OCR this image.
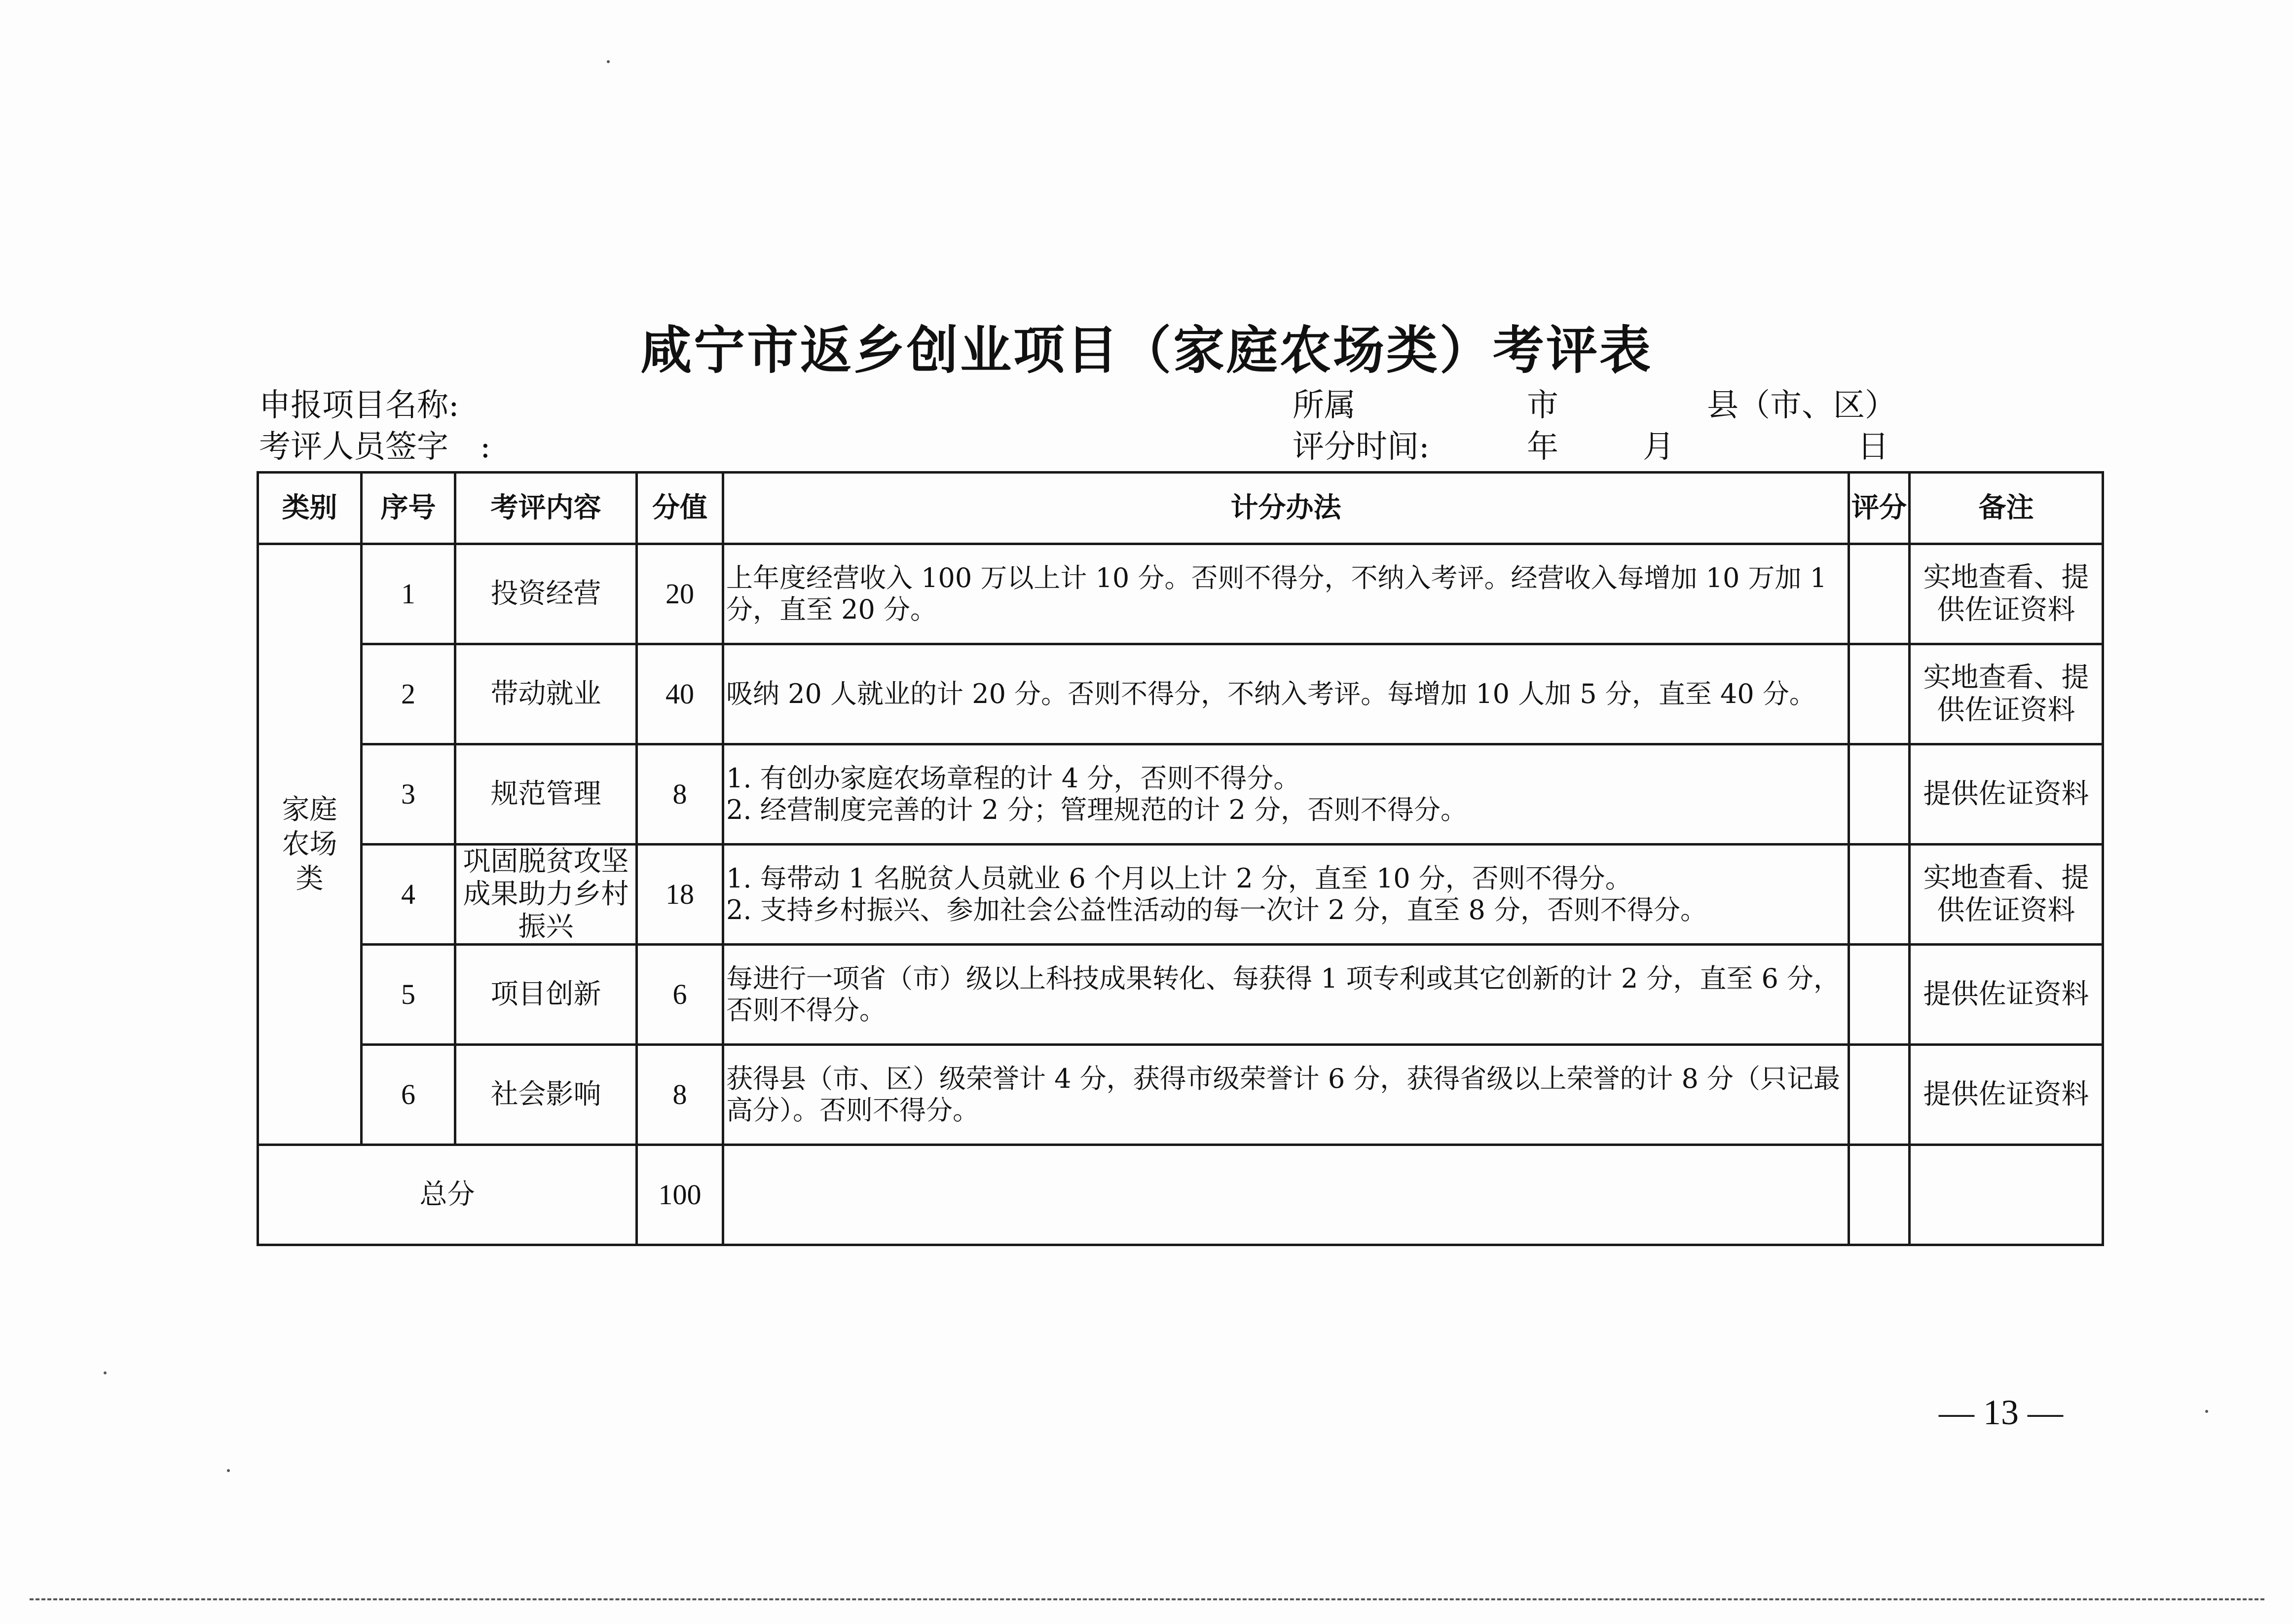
咸宁市返乡创业项目（家庭农场类）考评表
申报项目名称:
考评人员签字　:
所属	市	县（市、区）
评分时间:	年	月	日
类别	序号	考评内容	分值	计分办法	评分	备注
家庭农场类	1	投资经营	20	上年度经营收入 100 万以上计 10 分。否则不得分，不纳入考评。经营收入每增加 10 万加 1 分，直至 20 分。		实地查看、提供佐证资料
	2	带动就业	40	吸纳 20 人就业的计 20 分。否则不得分，不纳入考评。每增加 10 人加 5 分，直至 40 分。		实地查看、提供佐证资料
	3	规范管理	8	1. 有创办家庭农场章程的计 4 分，否则不得分。
2. 经营制度完善的计 2 分；管理规范的计 2 分，否则不得分。		提供佐证资料
	4	巩固脱贫攻坚成果助力乡村振兴	18	1. 每带动 1 名脱贫人员就业 6 个月以上计 2 分，直至 10 分，否则不得分。
2. 支持乡村振兴、参加社会公益性活动的每一次计 2 分，直至 8 分，否则不得分。		实地查看、提供佐证资料
	5	项目创新	6	每进行一项省（市）级以上科技成果转化、每获得 1 项专利或其它创新的计 2 分，直至 6 分，否则不得分。		提供佐证资料
	6	社会影响	8	获得县（市、区）级荣誉计 4 分，获得市级荣誉计 6 分，获得省级以上荣誉的计 8 分（只记最高分）。否则不得分。		提供佐证资料
总分			100			
— 13 —
